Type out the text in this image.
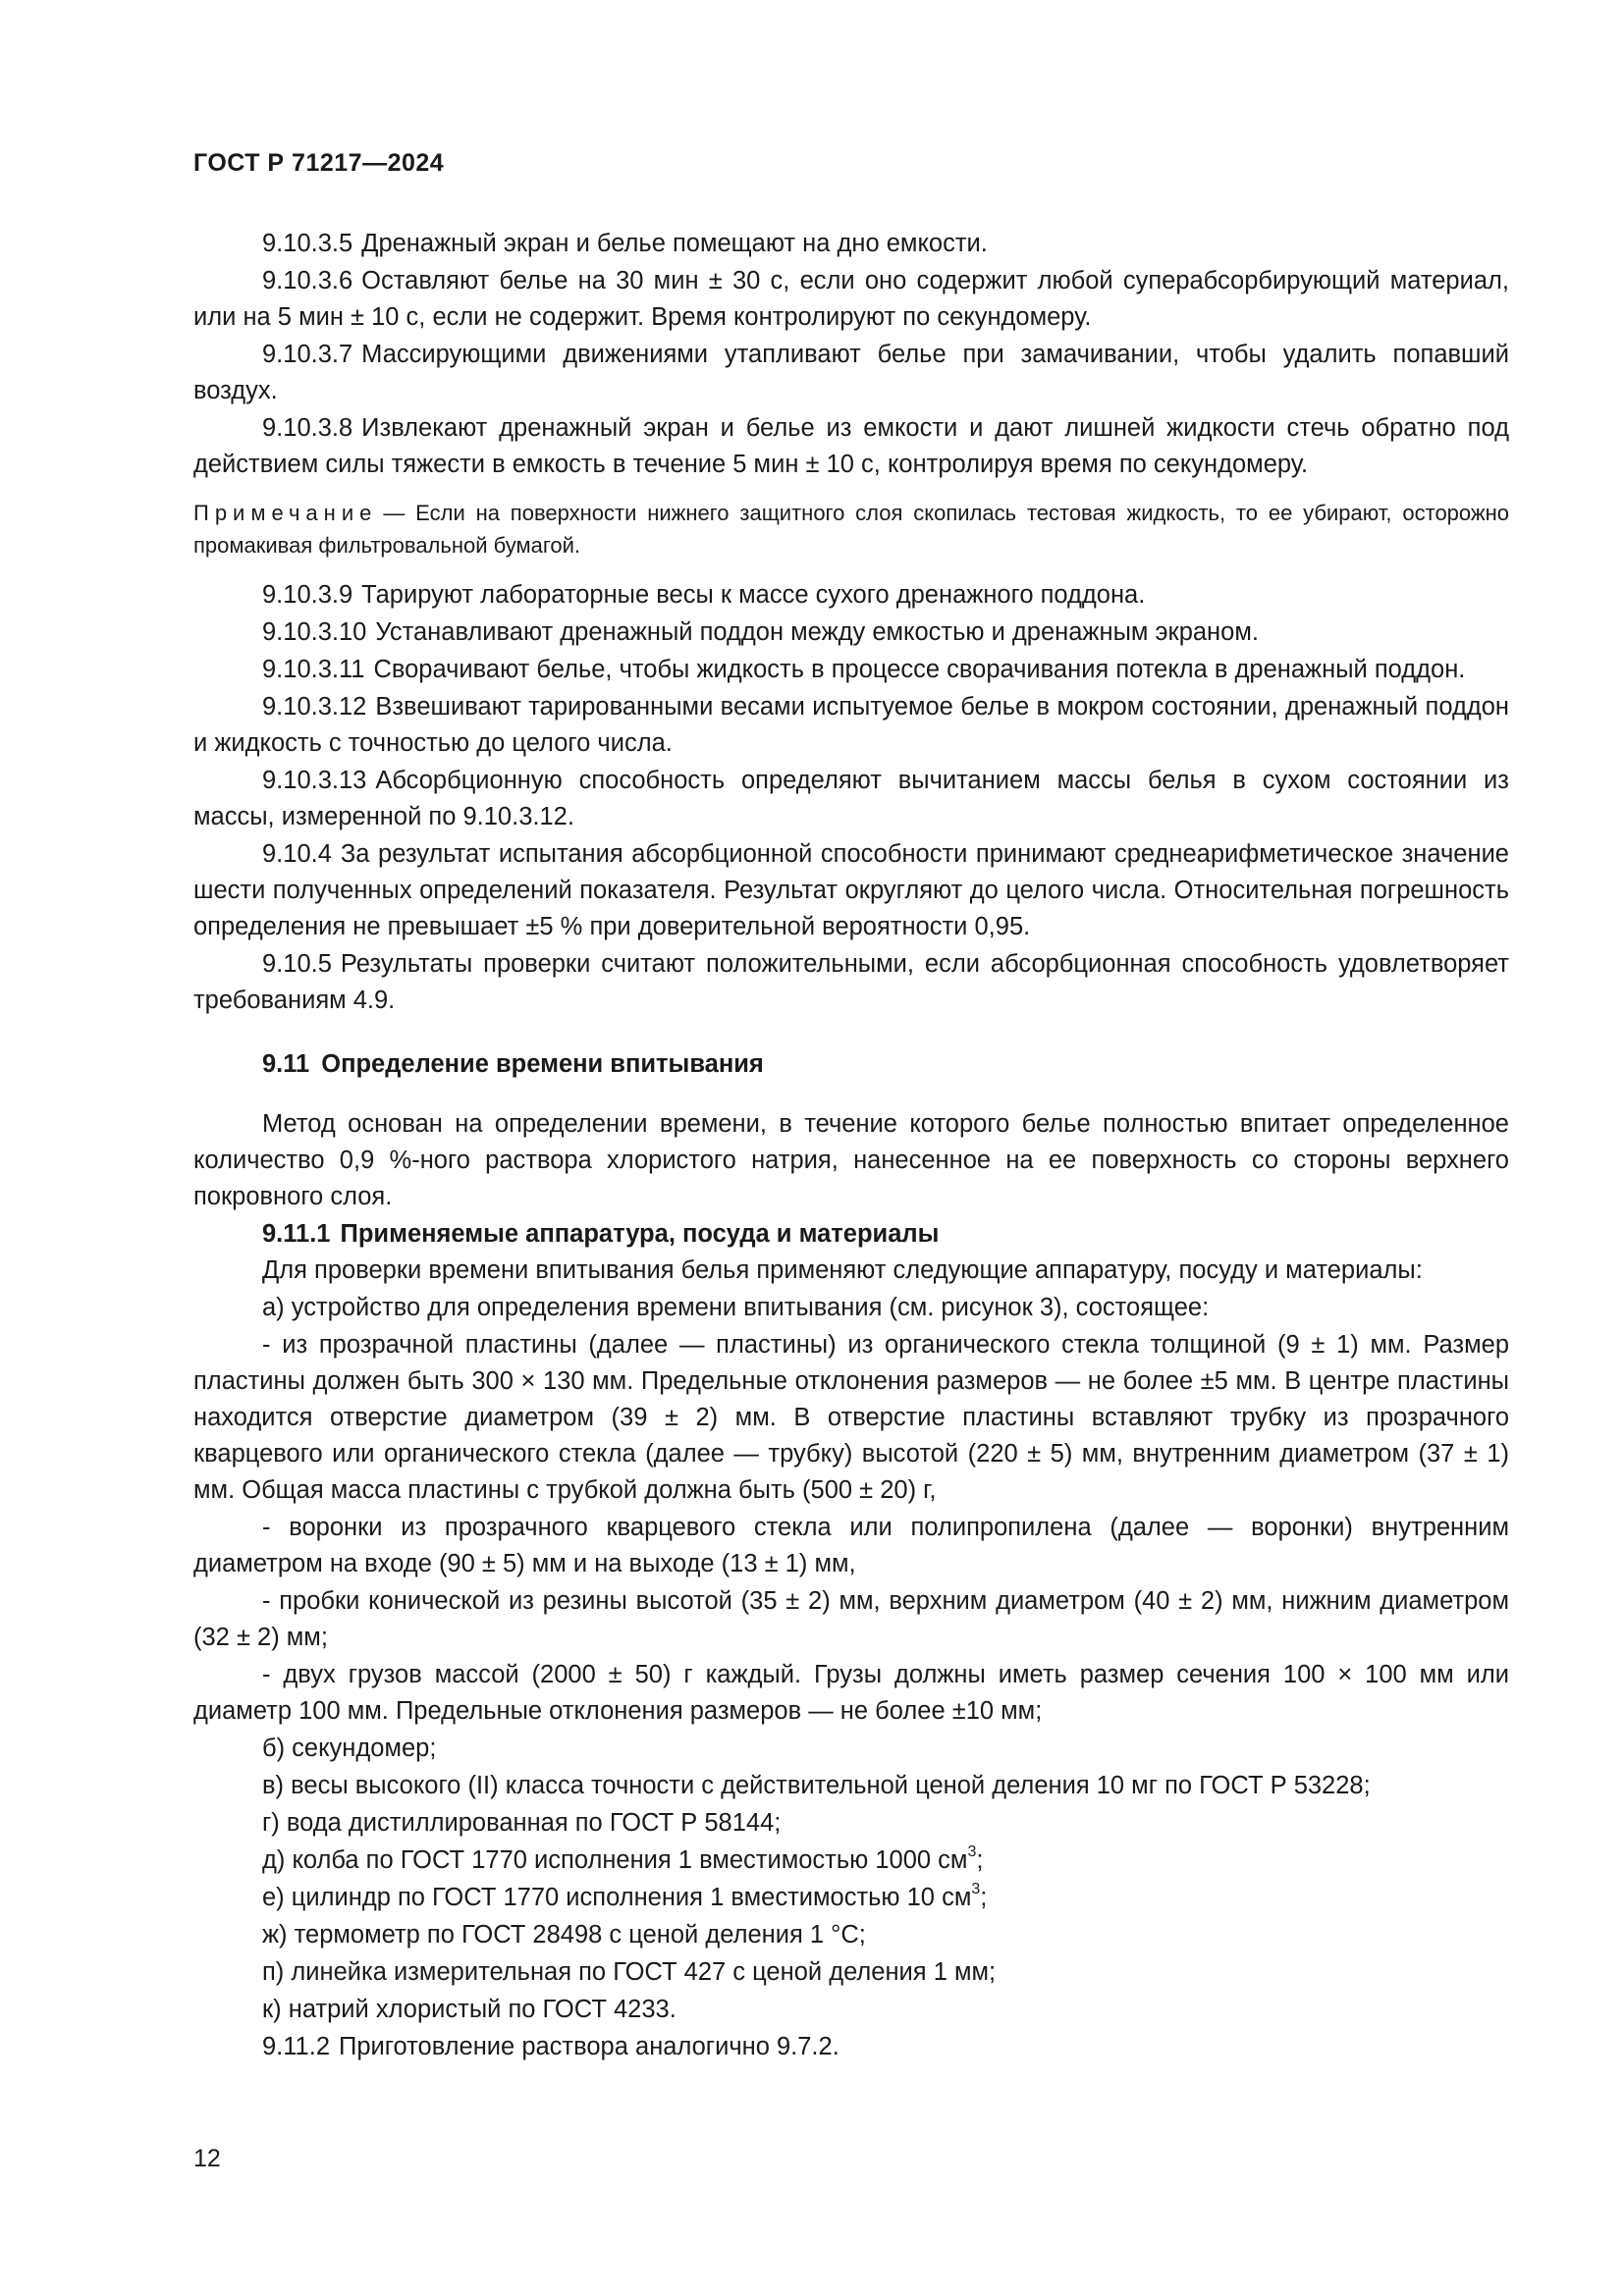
ГОСТ Р 71217—2024

9.10.3.5 Дренажный экран и белье помещают на дно емкости.

9.10.3.6 Оставляют белье на 30 мин ± 30 с, если оно содержит любой суперабсорбирующий материал, или на 5 мин ± 10 с, если не содержит. Время контролируют по секундомеру.

9.10.3.7 Массирующими движениями утапливают белье при замачивании, чтобы удалить попавший воздух.

9.10.3.8 Извлекают дренажный экран и белье из емкости и дают лишней жидкости стечь обратно под действием силы тяжести в емкость в течение 5 мин ± 10 с, контролируя время по секундомеру.

Примечание — Если на поверхности нижнего защитного слоя скопилась тестовая жидкость, то ее убирают, осторожно промакивая фильтровальной бумагой.

9.10.3.9 Тарируют лабораторные весы к массе сухого дренажного поддона.

9.10.3.10 Устанавливают дренажный поддон между емкостью и дренажным экраном.

9.10.3.11 Сворачивают белье, чтобы жидкость в процессе сворачивания потекла в дренажный поддон.

9.10.3.12 Взвешивают тарированными весами испытуемое белье в мокром состоянии, дренажный поддон и жидкость с точностью до целого числа.

9.10.3.13 Абсорбционную способность определяют вычитанием массы белья в сухом состоянии из массы, измеренной по 9.10.3.12.

9.10.4 За результат испытания абсорбционной способности принимают среднеарифметическое значение шести полученных определений показателя. Результат округляют до целого числа. Относительная погрешность определения не превышает ±5 % при доверительной вероятности 0,95.

9.10.5 Результаты проверки считают положительными, если абсорбционная способность удовлетворяет требованиям 4.9.

9.11 Определение времени впитывания

Метод основан на определении времени, в течение которого белье полностью впитает определенное количество 0,9 %-ного раствора хлористого натрия, нанесенное на ее поверхность со стороны верхнего покровного слоя.

9.11.1 Применяемые аппаратура, посуда и материалы

Для проверки времени впитывания белья применяют следующие аппаратуру, посуду и материалы:

а) устройство для определения времени впитывания (см. рисунок 3), состоящее:

- из прозрачной пластины (далее — пластины) из органического стекла толщиной (9 ± 1) мм. Размер пластины должен быть 300 × 130 мм. Предельные отклонения размеров — не более ±5 мм. В центре пластины находится отверстие диаметром (39 ± 2) мм. В отверстие пластины вставляют трубку из прозрачного кварцевого или органического стекла (далее — трубку) высотой (220 ± 5) мм, внутренним диаметром (37 ± 1) мм. Общая масса пластины с трубкой должна быть (500 ± 20) г,

- воронки из прозрачного кварцевого стекла или полипропилена (далее — воронки) внутренним диаметром на входе (90 ± 5) мм и на выходе (13 ± 1) мм,

- пробки конической из резины высотой (35 ± 2) мм, верхним диаметром (40 ± 2) мм, нижним диаметром (32 ± 2) мм;

- двух грузов массой (2000 ± 50) г каждый. Грузы должны иметь размер сечения 100 × 100 мм или диаметр 100 мм. Предельные отклонения размеров — не более ±10 мм;

б) секундомер;

в) весы высокого (II) класса точности с действительной ценой деления 10 мг по ГОСТ Р 53228;

г) вода дистиллированная по ГОСТ Р 58144;

д) колба по ГОСТ 1770 исполнения 1 вместимостью 1000 $см^3$;

е) цилиндр по ГОСТ 1770 исполнения 1 вместимостью 10 $см^3$;

ж) термометр по ГОСТ 28498 с ценой деления 1 °С;

п) линейка измерительная по ГОСТ 427 с ценой деления 1 мм;

к) натрий хлористый по ГОСТ 4233.

9.11.2 Приготовление раствора аналогично 9.7.2.

12
